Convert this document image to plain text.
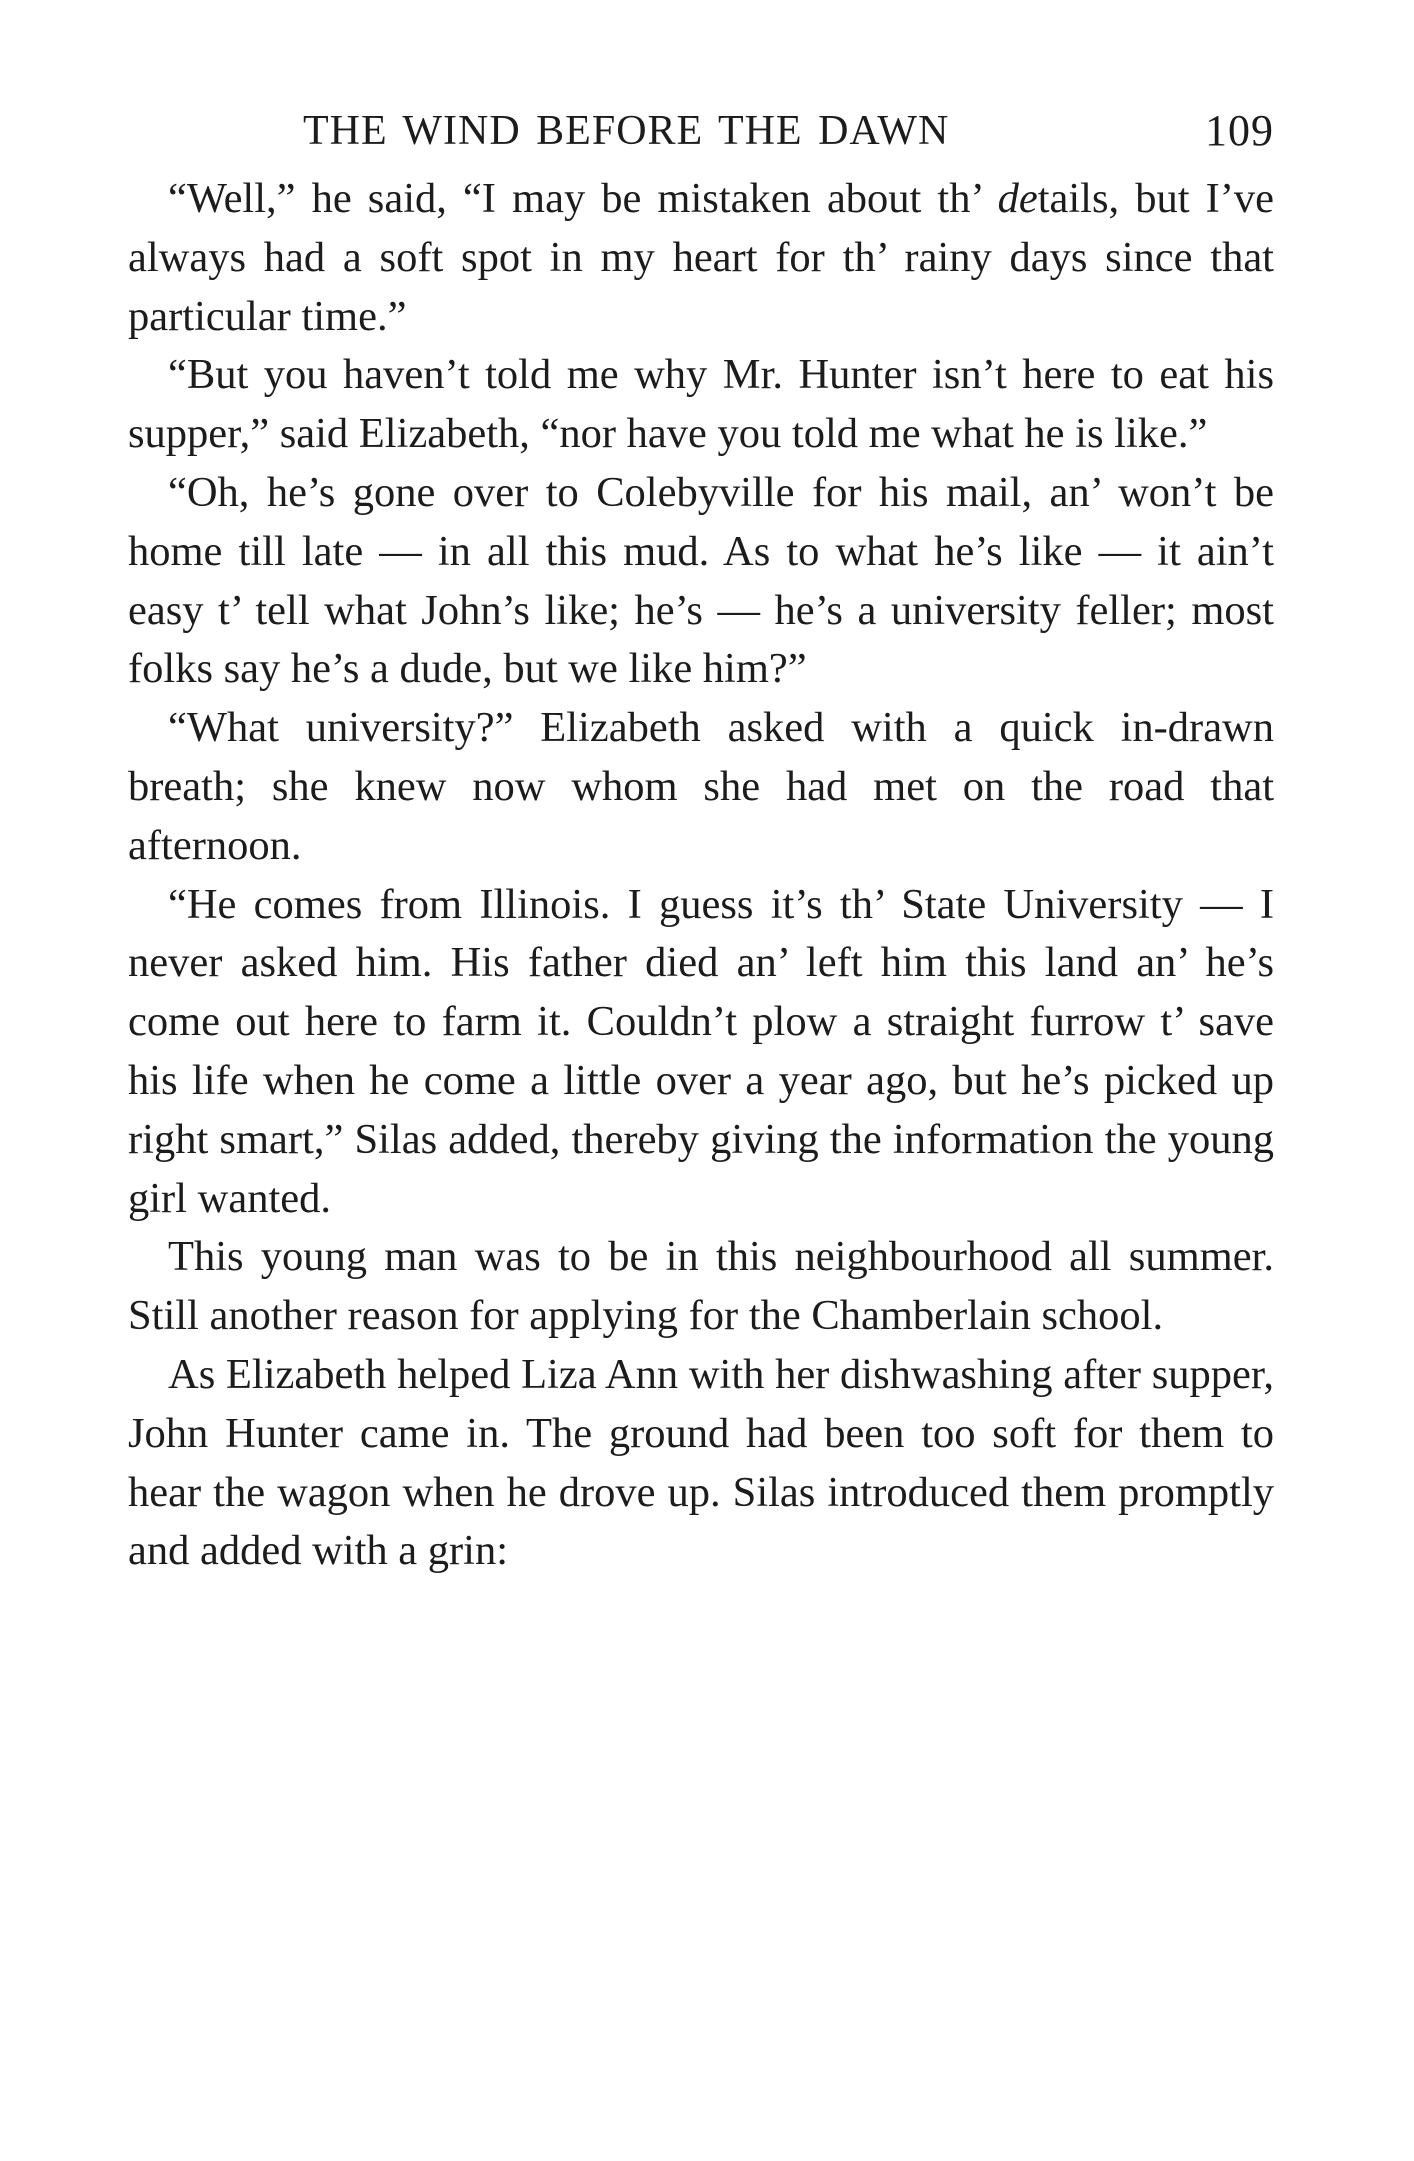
THE WIND BEFORE THE DAWN	109

“Well,” he said, “I may be mistaken about th’ details, but I’ve always had a soft spot in my heart for th’ rainy days since that particular time.”

“But you haven’t told me why Mr. Hunter isn’t here to eat his supper,” said Elizabeth, “nor have you told me what he is like.”

“Oh, he’s gone over to Colebyville for his mail, an’ won’t be home till late — in all this mud. As to what he’s like — it ain’t easy t’ tell what John’s like; he’s — he’s a university feller; most folks say he’s a dude, but we like him?”

“What university?” Elizabeth asked with a quick in-drawn breath; she knew now whom she had met on the road that afternoon.

“He comes from Illinois. I guess it’s th’ State University — I never asked him. His father died an’ left him this land an’ he’s come out here to farm it. Couldn’t plow a straight furrow t’ save his life when he come a little over a year ago, but he’s picked up right smart,” Silas added, thereby giving the information the young girl wanted.

This young man was to be in this neighbourhood all summer. Still another reason for applying for the Chamberlain school.

As Elizabeth helped Liza Ann with her dishwashing after supper, John Hunter came in. The ground had been too soft for them to hear the wagon when he drove up. Silas introduced them promptly and added with a grin:
